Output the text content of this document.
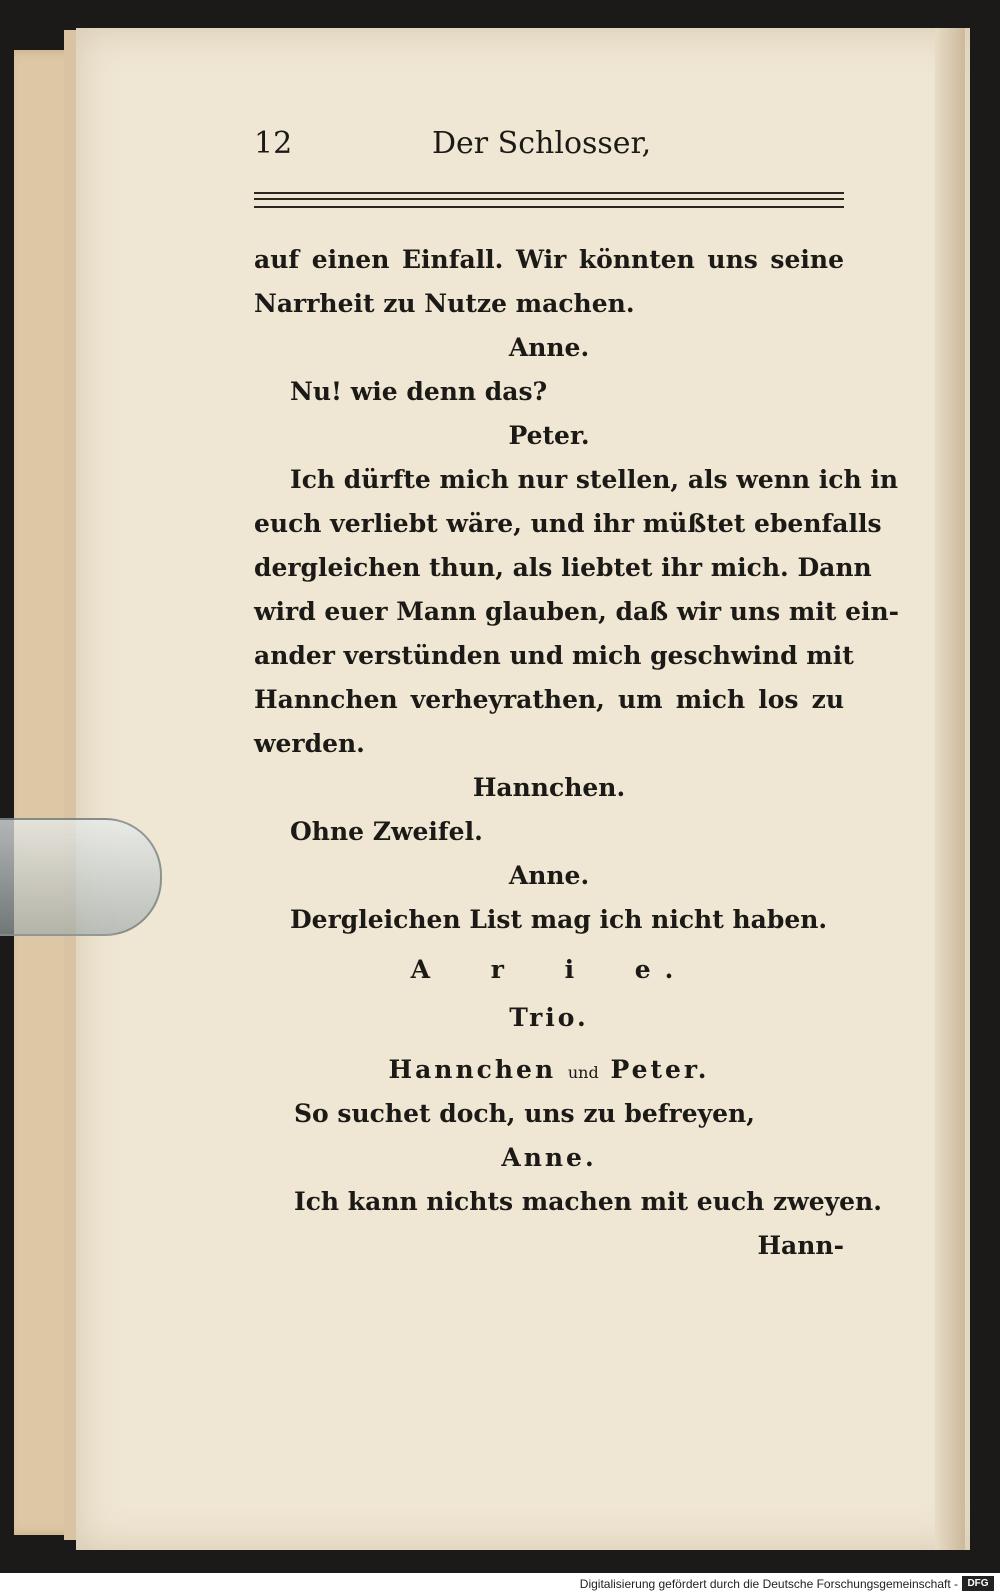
12	Der Schlosser,
auf einen Einfall. Wir könnten uns seine
Narrheit zu Nutze machen.
Anne.
Nu! wie denn das?
Peter.
Ich dürfte mich nur stellen, als wenn ich in
euch verliebt wäre, und ihr müßtet ebenfalls
dergleichen thun, als liebtet ihr mich. Dann
wird euer Mann glauben, daß wir uns mit ein-
ander verstünden und mich geschwind mit
Hannchen verheyrathen, um mich los zu
werden.
Hannchen.
Ohne Zweifel.
Anne.
Dergleichen List mag ich nicht haben.
A r i e.
Trio.
Hannchen und Peter.
So suchet doch, uns zu befreyen,
Anne.
Ich kann nichts machen mit euch zweyen.
Hann-
Digitalisierung gefördert durch die Deutsche Forschungsgemeinschaft - DFG
